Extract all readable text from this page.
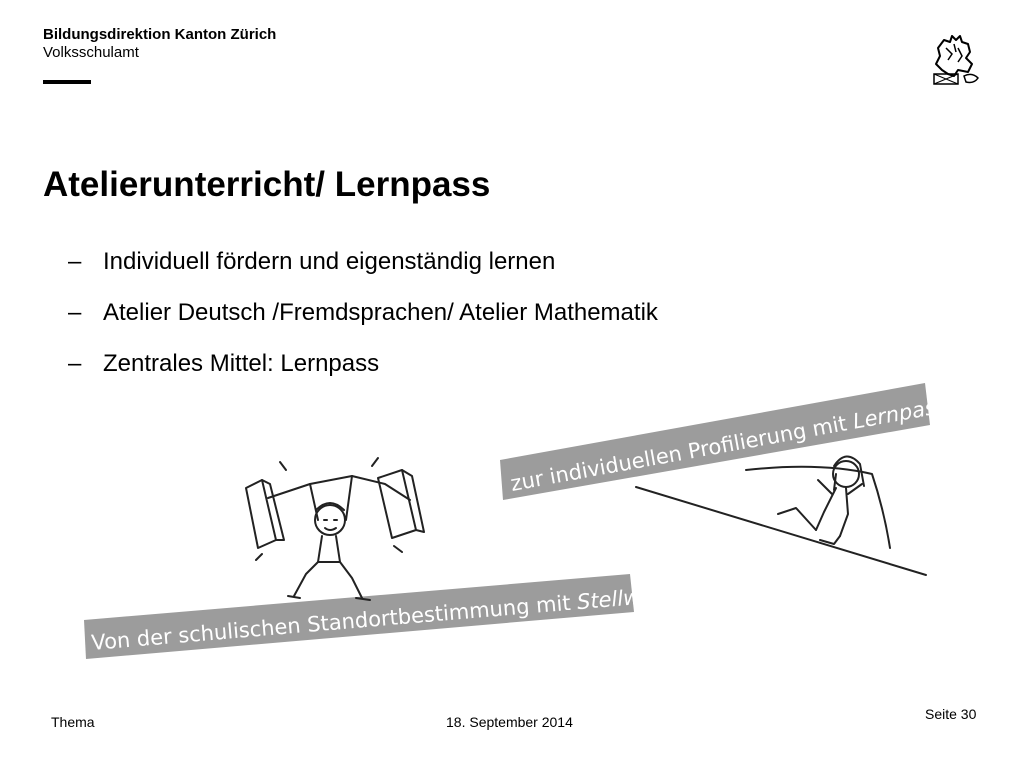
Bildungsdirektion Kanton Zürich
Volksschulamt
Atelierunterricht/ Lernpass
– Individuell fördern und eigenständig lernen
– Atelier Deutsch /Fremdsprachen/ Atelier Mathematik
– Zentrales Mittel: Lernpass
zur individuellen Profilierung mit Lernpass
Von der schulischen Standortbestimmung mit Stellwerk
Thema	18. September 2014	Seite 30
